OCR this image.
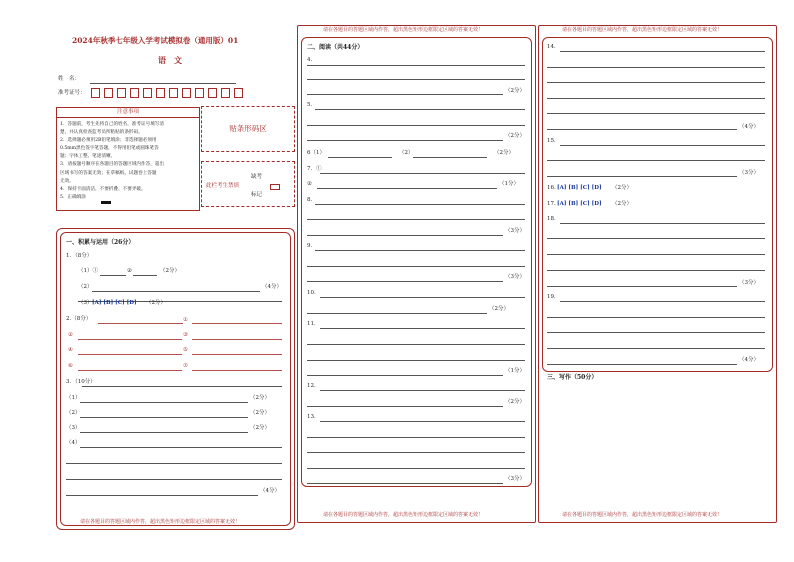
2024年秋季七年级入学考试模拟卷（通用版）01
语　文
姓　名：
准考证号：
注意事项
1．答题前，考生先将自己的姓名，准考证号填写清
楚，并认真检查监考员所粘贴的条形码。
2．选择题必须用2B铅笔填涂；非选择题必须用
0.5mm黑色签字笔答题，不得用铅笔或圆珠笔答
题；字体工整、笔迹清晰。
3．请按题号顺序在各题目的答题区域内作答，超出
区域书写的答案无效；在草稿纸、试题卷上答题
无效。
4．保持卡面清洁，不要折叠、不要弄破。
5．正确填涂
贴条形码区
此栏考生禁填
缺考
标记
一、积累与运用（26分）
1．（8分）
（1）①	②	（2分）
（2）	（4分）
（3） [A] [B] [C] [D] （2分）
2.（8分）	①
②	③
④	⑤
⑥	⑦
3．（10分）
（1）	（2分）
（2）	（2分）
（3）	（2分）
（4）
（4分）
请在各题目的答题区域内作答，超出黑色矩形边框限定区域的答案无效！
请在各题目的答题区域内作答，超出黑色矩形边框限定区域的答案无效！
请在各题目的答题区域内作答，超出黑色矩形边框限定区域的答案无效！
二、阅读（共44分）
4．
（2分）
5．
（2分）
6（1）	（2）	（2分）
7．①
②	（1分）
8．
（3分）
9．
（3分）
10．
（2分）
11．
（1分）
12．
（2分）
13．
（3分）
请在各题目的答题区域内作答，超出黑色矩形边框限定区域的答案无效！
请在各题目的答题区域内作答，超出黑色矩形边框限定区域的答案无效！
14．
（4分）
15．
（3分）
16. [A] [B] [C] [D] （2分）
17. [A] [B] [C] [D] （2分）
18．
（3分）
19．
（4分）
三、写作（50分）
